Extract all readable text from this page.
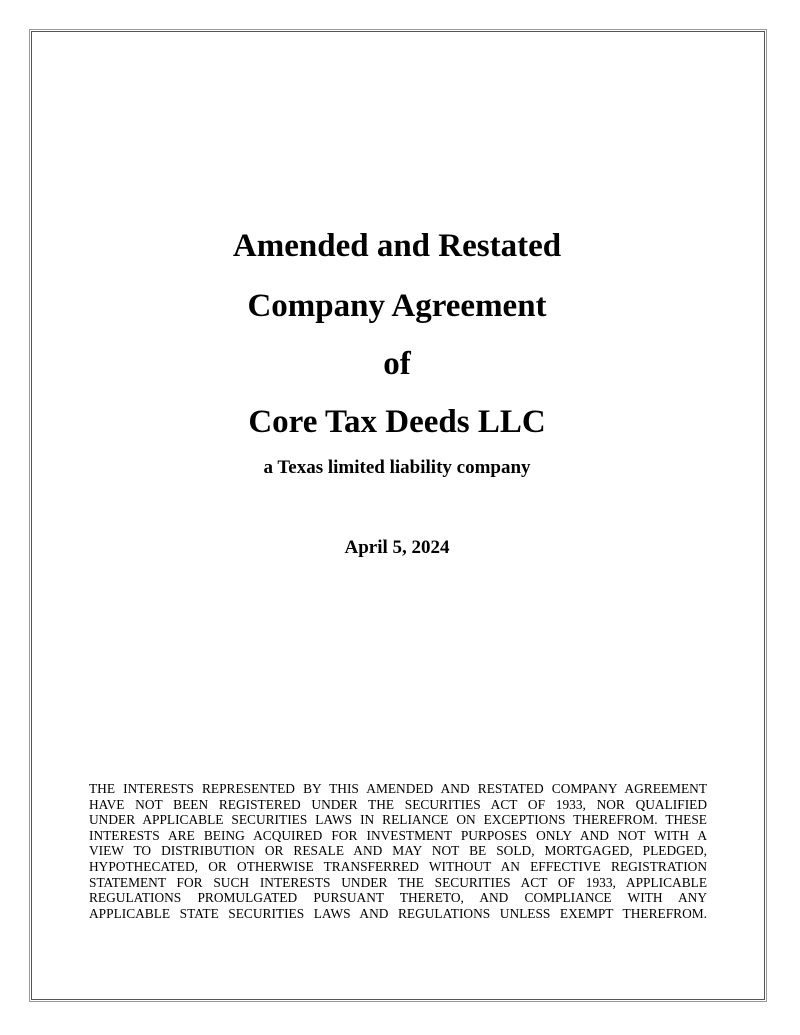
Amended and Restated
Company Agreement
of
Core Tax Deeds LLC

a Texas limited liability company

April 5, 2024

THE INTERESTS REPRESENTED BY THIS AMENDED AND RESTATED COMPANY AGREEMENT

HAVE NOT BEEN REGISTERED UNDER THE SECURITIES ACT OF 1933, NOR QUALIFIED

UNDER APPLICABLE SECURITIES LAWS IN RELIANCE ON EXCEPTIONS THEREFROM. THESE

INTERESTS ARE BEING ACQUIRED FOR INVESTMENT PURPOSES ONLY AND NOT WITH A

VIEW TO DISTRIBUTION OR RESALE AND MAY NOT BE SOLD, MORTGAGED, PLEDGED,

HYPOTHECATED, OR OTHERWISE TRANSFERRED WITHOUT AN EFFECTIVE REGISTRATION

STATEMENT FOR SUCH INTERESTS UNDER THE SECURITIES ACT OF 1933, APPLICABLE

REGULATIONS PROMULGATED PURSUANT THERETO, AND COMPLIANCE WITH ANY

APPLICABLE STATE SECURITIES LAWS AND REGULATIONS UNLESS EXEMPT THEREFROM.
